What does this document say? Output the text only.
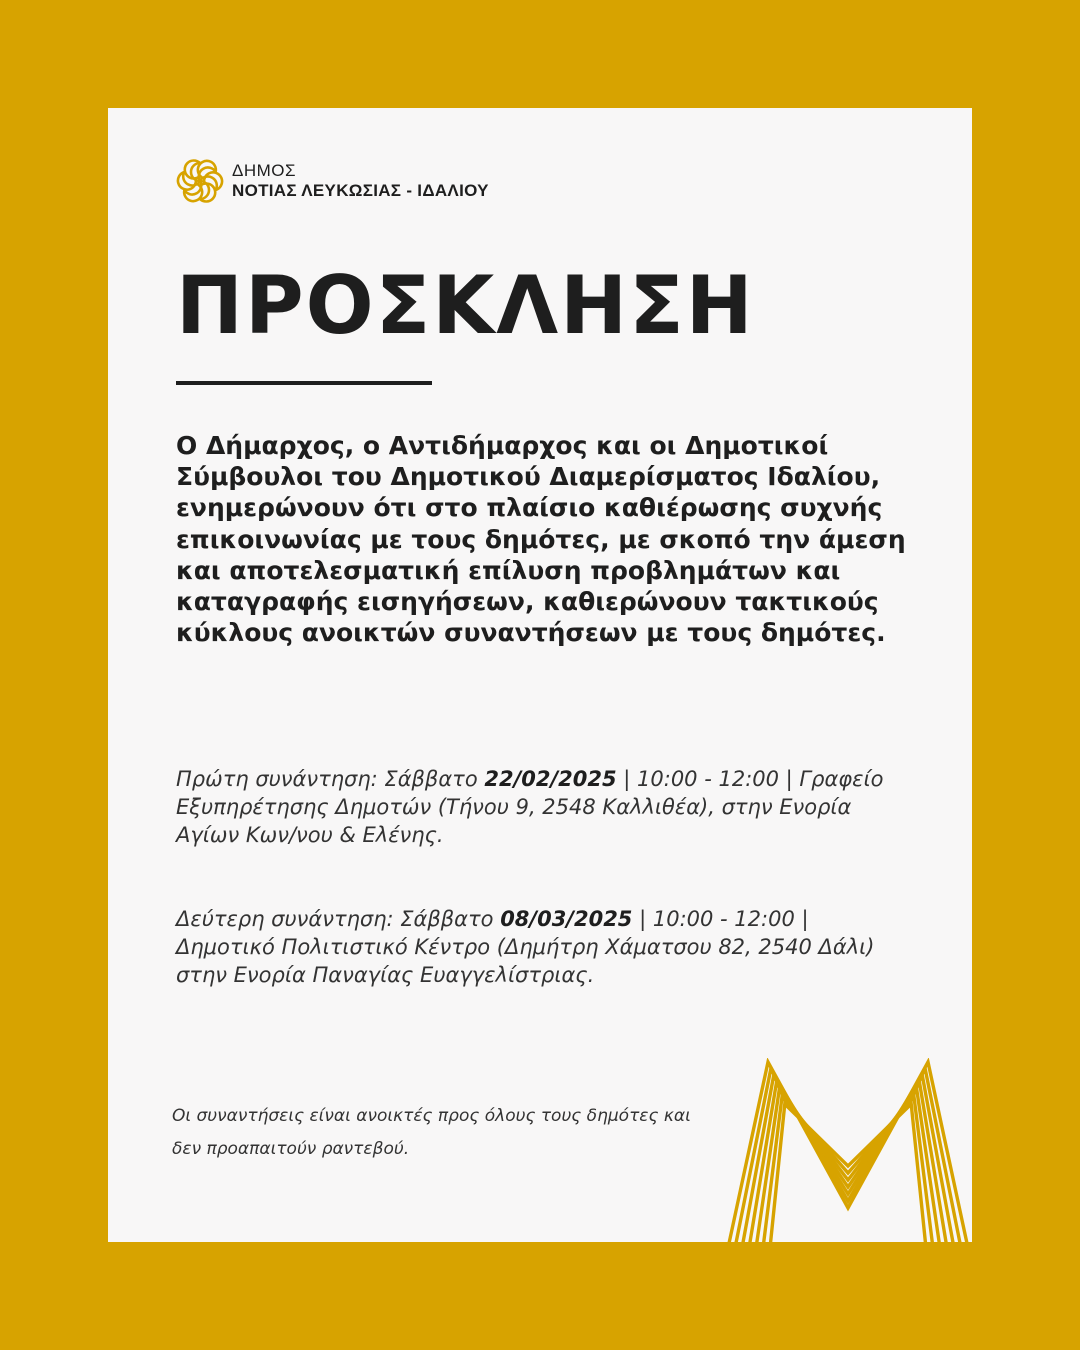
ΔΗΜΟΣ
ΝΟΤΙΑΣ ΛΕΥΚΩΣΙΑΣ - ΙΔΑΛΙΟΥ
ΠΡΟΣΚΛΗΣΗ

Ο Δήμαρχος, ο Αντιδήμαρχος και οι Δημοτικοί Σύμβουλοι του Δημοτικού Διαμερίσματος Ιδαλίου, ενημερώνουν ότι στο πλαίσιο καθιέρωσης συχνής επικοινωνίας με τους δημότες, με σκοπό την άμεση και αποτελεσματική επίλυση προβλημάτων και καταγραφής εισηγήσεων, καθιερώνουν τακτικούς κύκλους ανοικτών συναντήσεων με τους δημότες.

Πρώτη συνάντηση: Σάββατο 22/02/2025 | 10:00 - 12:00 | Γραφείο Εξυπηρέτησης Δημοτών (Τήνου 9, 2548 Καλλιθέα), στην Ενορία Αγίων Κων/νου & Ελένης.

Δεύτερη συνάντηση: Σάββατο 08/03/2025 | 10:00 - 12:00 | Δημοτικό Πολιτιστικό Κέντρο (Δημήτρη Χάματσου 82, 2540 Δάλι) στην Ενορία Παναγίας Ευαγγελίστριας.

Οι συναντήσεις είναι ανοικτές προς όλους τους δημότες και δεν προαπαιτούν ραντεβού.
